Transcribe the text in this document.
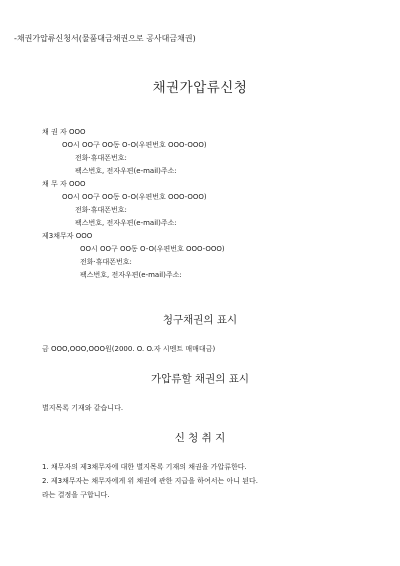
-채권가압류신청서(물품대금채권으로 공사대금채권)
채권가압류신청
채 권 자 OOO
OO시 OO구 OO동 O-O(우편번호 OOO-OOO)
전화·휴대폰번호:
팩스번호, 전자우편(e-mail)주소:
채 무 자 OOO
OO시 OO구 OO동 O-O(우편번호 OOO-OOO)
전화·휴대폰번호:
팩스번호, 전자우편(e-mail)주소:
제3채무자 OOO
OO시 OO구 OO동 O-O(우편번호 OOO-OOO)
전화·휴대폰번호:
팩스번호, 전자우편(e-mail)주소:
청구채권의 표시
금 OOO,OOO,OOO원(2000. O. O.자 시멘트 매매대금)
가압류할 채권의 표시
별지목록 기재와 같습니다.
신 청 취 지
1. 채무자의 제3채무자에 대한 별지목록 기재의 채권을 가압류한다.
2. 제3채무자는 채무자에게 위 채권에 관한 지급을 하여서는 아니 된다.
라는 결정을 구합니다.
